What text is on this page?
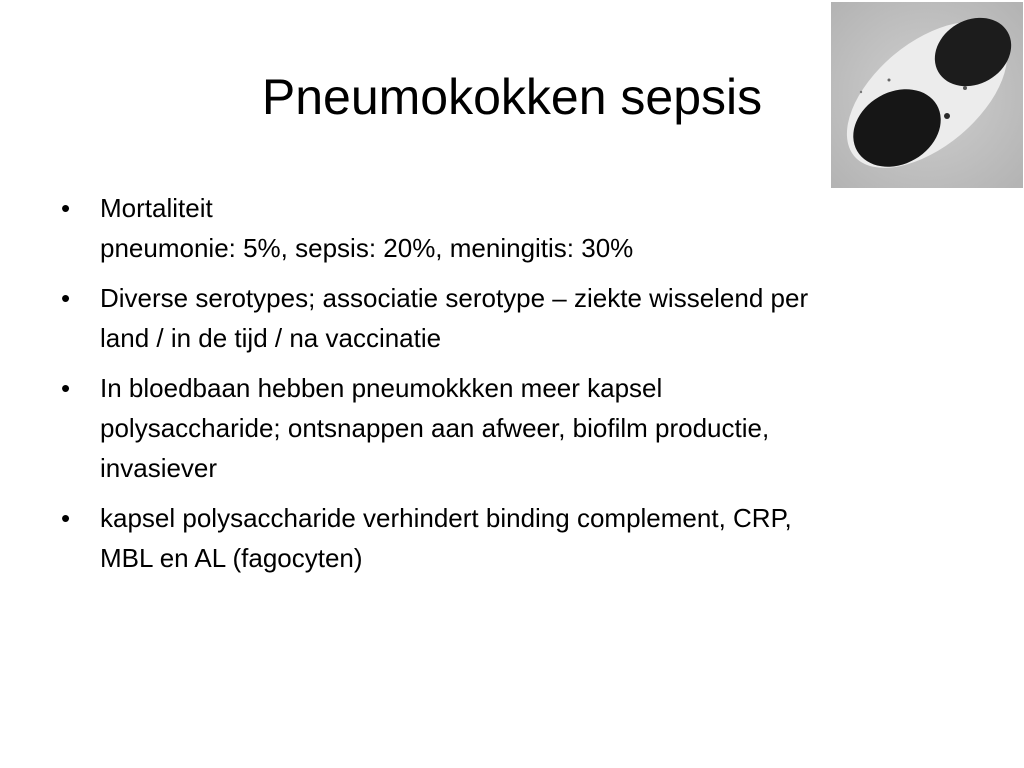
Pneumokokken sepsis
• Mortaliteit
pneumonie: 5%, sepsis: 20%, meningitis: 30%
• Diverse serotypes; associatie serotype – ziekte wisselend per
land / in de tijd / na vaccinatie
• In bloedbaan hebben pneumokkken meer kapsel
polysaccharide; ontsnappen aan afweer, biofilm productie,
invasiever
• kapsel polysaccharide verhindert binding complement, CRP,
MBL en AL (fagocyten)
